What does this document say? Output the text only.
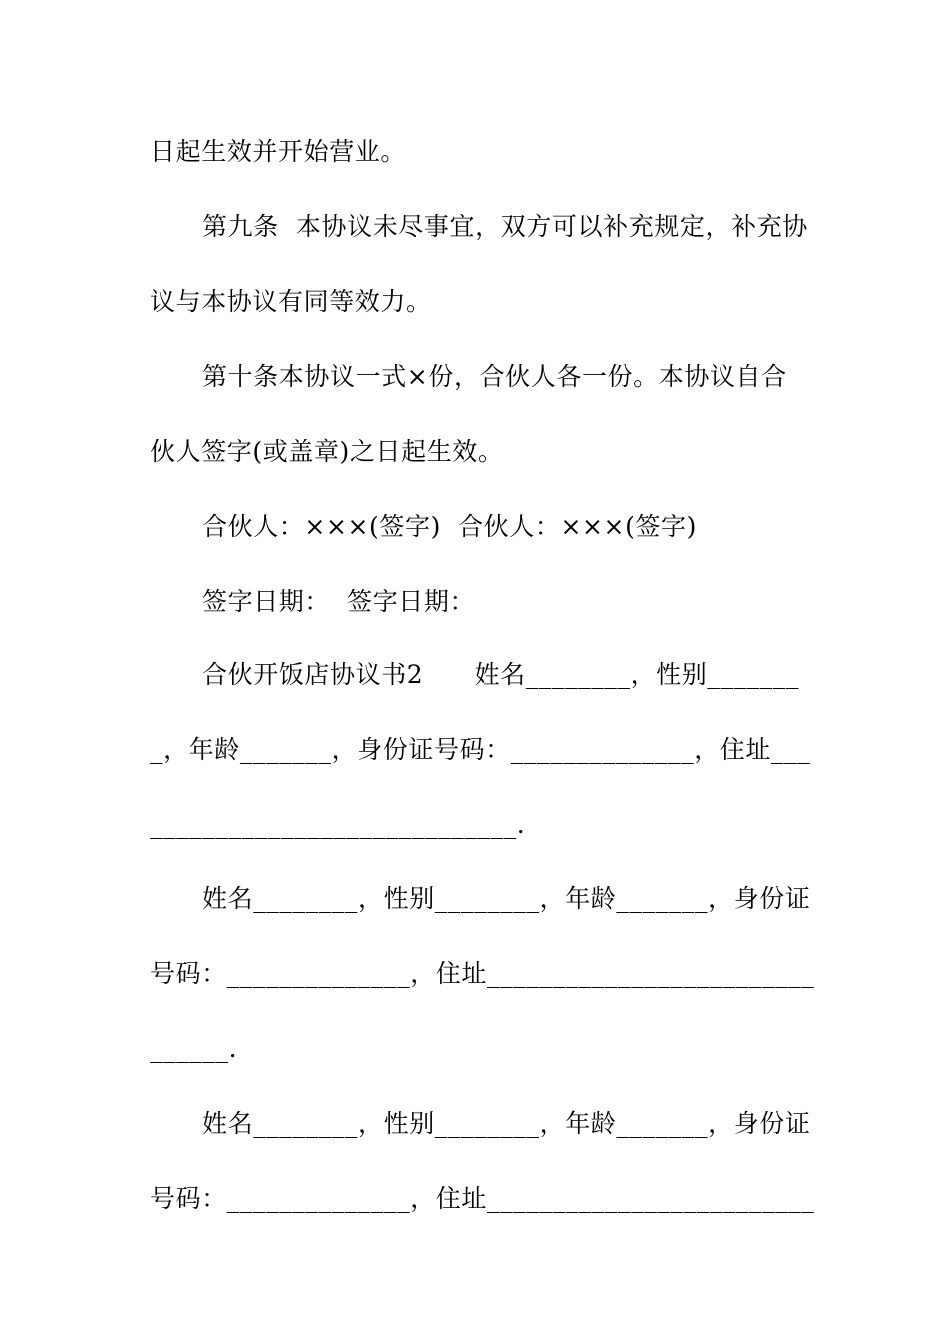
日起生效并开始营业。

第九条  本协议未尽事宜，双方可以补充规定，补充协

议与本协议有同等效力。

第十条本协议一式×份，合伙人各一份。本协议自合

伙人签字(或盖章)之日起生效。

合伙人：×××(签字)  合伙人：×××(签字)

签字日期：  签字日期：

合伙开饭店协议书2      姓名________，性别_______

_，年龄_______，身份证号码：______________，住址___

____________________________.

姓名________，性别________，年龄_______，身份证

号码：______________，住址_________________________

______.

姓名________，性别________，年龄_______，身份证

号码：______________，住址_________________________
